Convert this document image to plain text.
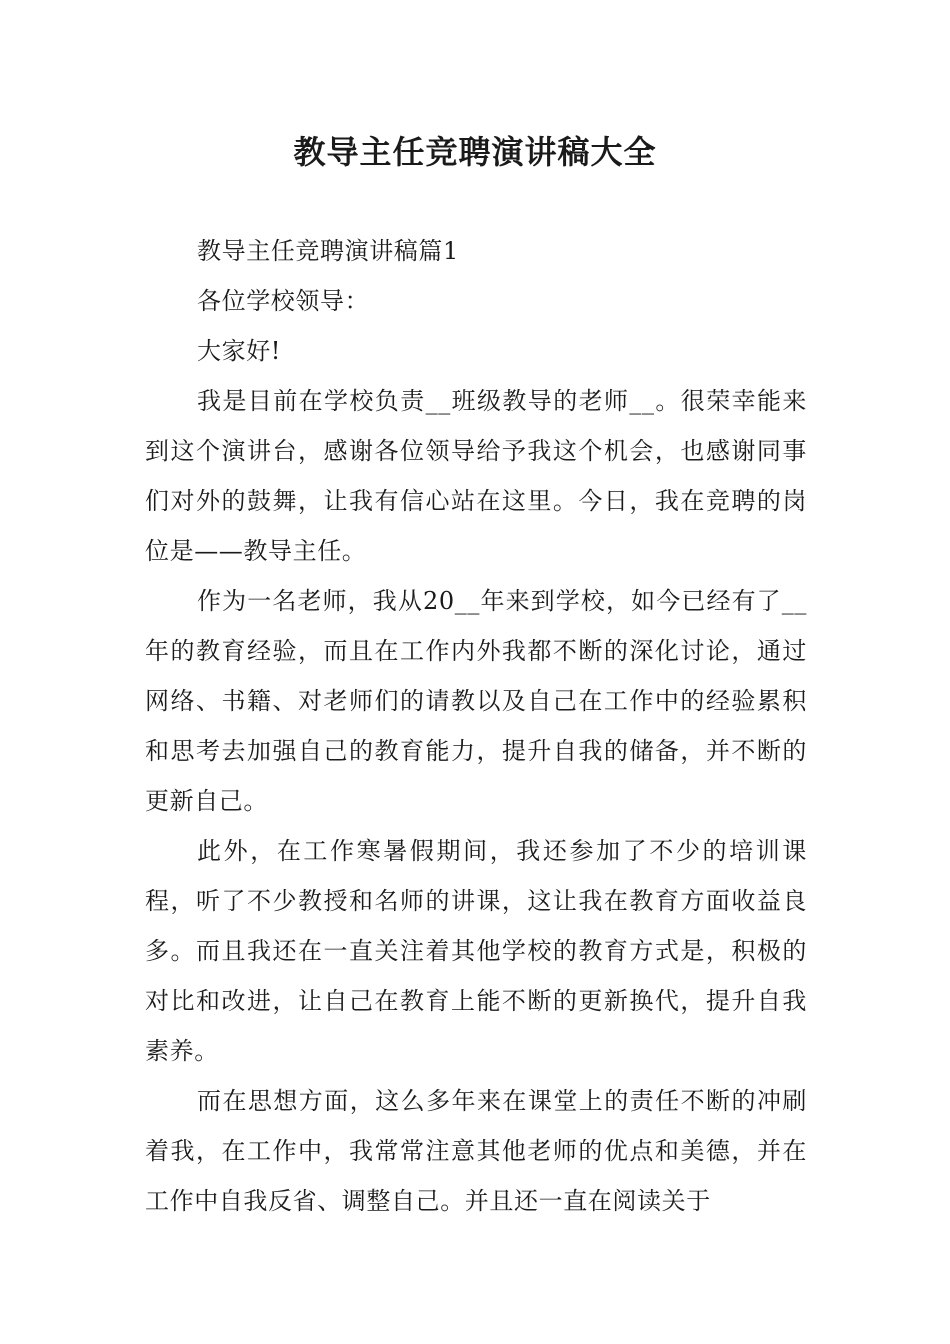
教导主任竞聘演讲稿大全

教导主任竞聘演讲稿篇1

各位学校领导：

大家好!

我是目前在学校负责__班级教导的老师__。很荣幸能来到这个演讲台，感谢各位领导给予我这个机会，也感谢同事们对外的鼓舞，让我有信心站在这里。今日，我在竞聘的岗位是——教导主任。

作为一名老师，我从20__年来到学校，如今已经有了__年的教育经验，而且在工作内外我都不断的深化讨论，通过网络、书籍、对老师们的请教以及自己在工作中的经验累积和思考去加强自己的教育能力，提升自我的储备，并不断的更新自己。

此外，在工作寒暑假期间，我还参加了不少的培训课程，听了不少教授和名师的讲课，这让我在教育方面收益良多。而且我还在一直关注着其他学校的教育方式是，积极的对比和改进，让自己在教育上能不断的更新换代，提升自我素养。

而在思想方面，这么多年来在课堂上的责任不断的冲刷着我，在工作中，我常常注意其他老师的优点和美德，并在工作中自我反省、调整自己。并且还一直在阅读关于
